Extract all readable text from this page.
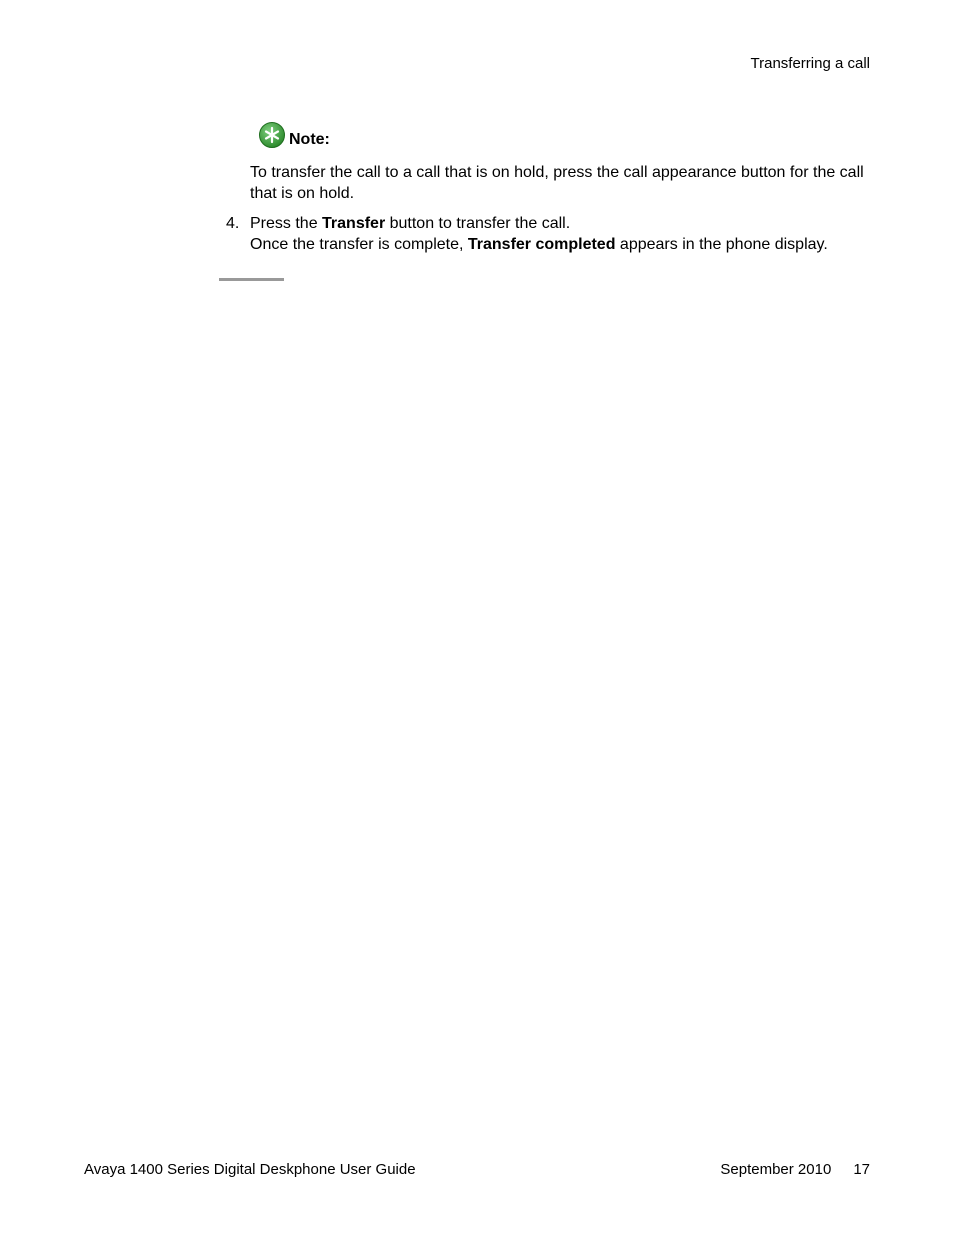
Transferring a call
Note:
To transfer the call to a call that is on hold, press the call appearance button for the call that is on hold.
4. Press the Transfer button to transfer the call.
Once the transfer is complete, Transfer completed appears in the phone display.
Avaya 1400 Series Digital Deskphone User Guide	September 2010 17
